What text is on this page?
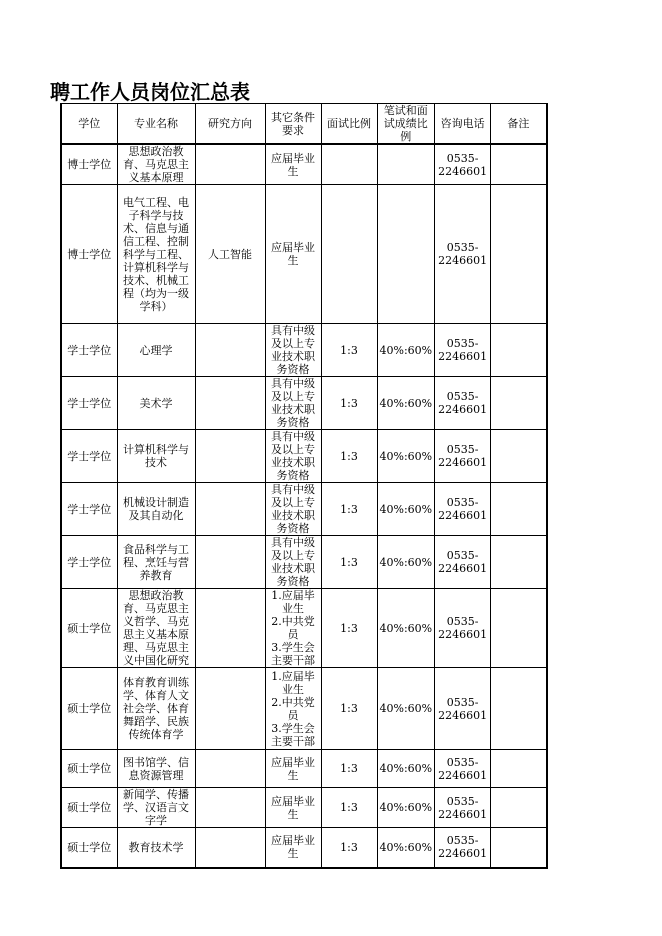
聘工作人员岗位汇总表
学位	专业名称	研究方向	其它条件要求	面试比例	笔试和面试成绩比例	咨询电话	备注
博士学位	思想政治教育、马克思主义基本原理		应届毕业生			0535-2246601	
博士学位	电气工程、电子科学与技术、信息与通信工程、控制科学与工程、计算机科学与技术、机械工程（均为一级学科）	人工智能	应届毕业生			0535-2246601	
学士学位	心理学		具有中级及以上专业技术职务资格	1:3	40%:60%	0535-2246601	
学士学位	美术学		具有中级及以上专业技术职务资格	1:3	40%:60%	0535-2246601	
学士学位	计算机科学与技术		具有中级及以上专业技术职务资格	1:3	40%:60%	0535-2246601	
学士学位	机械设计制造及其自动化		具有中级及以上专业技术职务资格	1:3	40%:60%	0535-2246601	
学士学位	食品科学与工程、烹饪与营养教育		具有中级及以上专业技术职务资格	1:3	40%:60%	0535-2246601	
硕士学位	思想政治教育、马克思主义哲学、马克思主义基本原理、马克思主义中国化研究		1.应届毕业生
2.中共党员
3.学生会主要干部	1:3	40%:60%	0535-2246601	
硕士学位	体育教育训练学、体育人文社会学、体育舞蹈学、民族传统体育学		1.应届毕业生
2.中共党员
3.学生会主要干部	1:3	40%:60%	0535-2246601	
硕士学位	图书馆学、信息资源管理		应届毕业生	1:3	40%:60%	0535-2246601	
硕士学位	新闻学、传播学、汉语言文字学		应届毕业生	1:3	40%:60%	0535-2246601	
硕士学位	教育技术学		应届毕业生	1:3	40%:60%	0535-2246601	
